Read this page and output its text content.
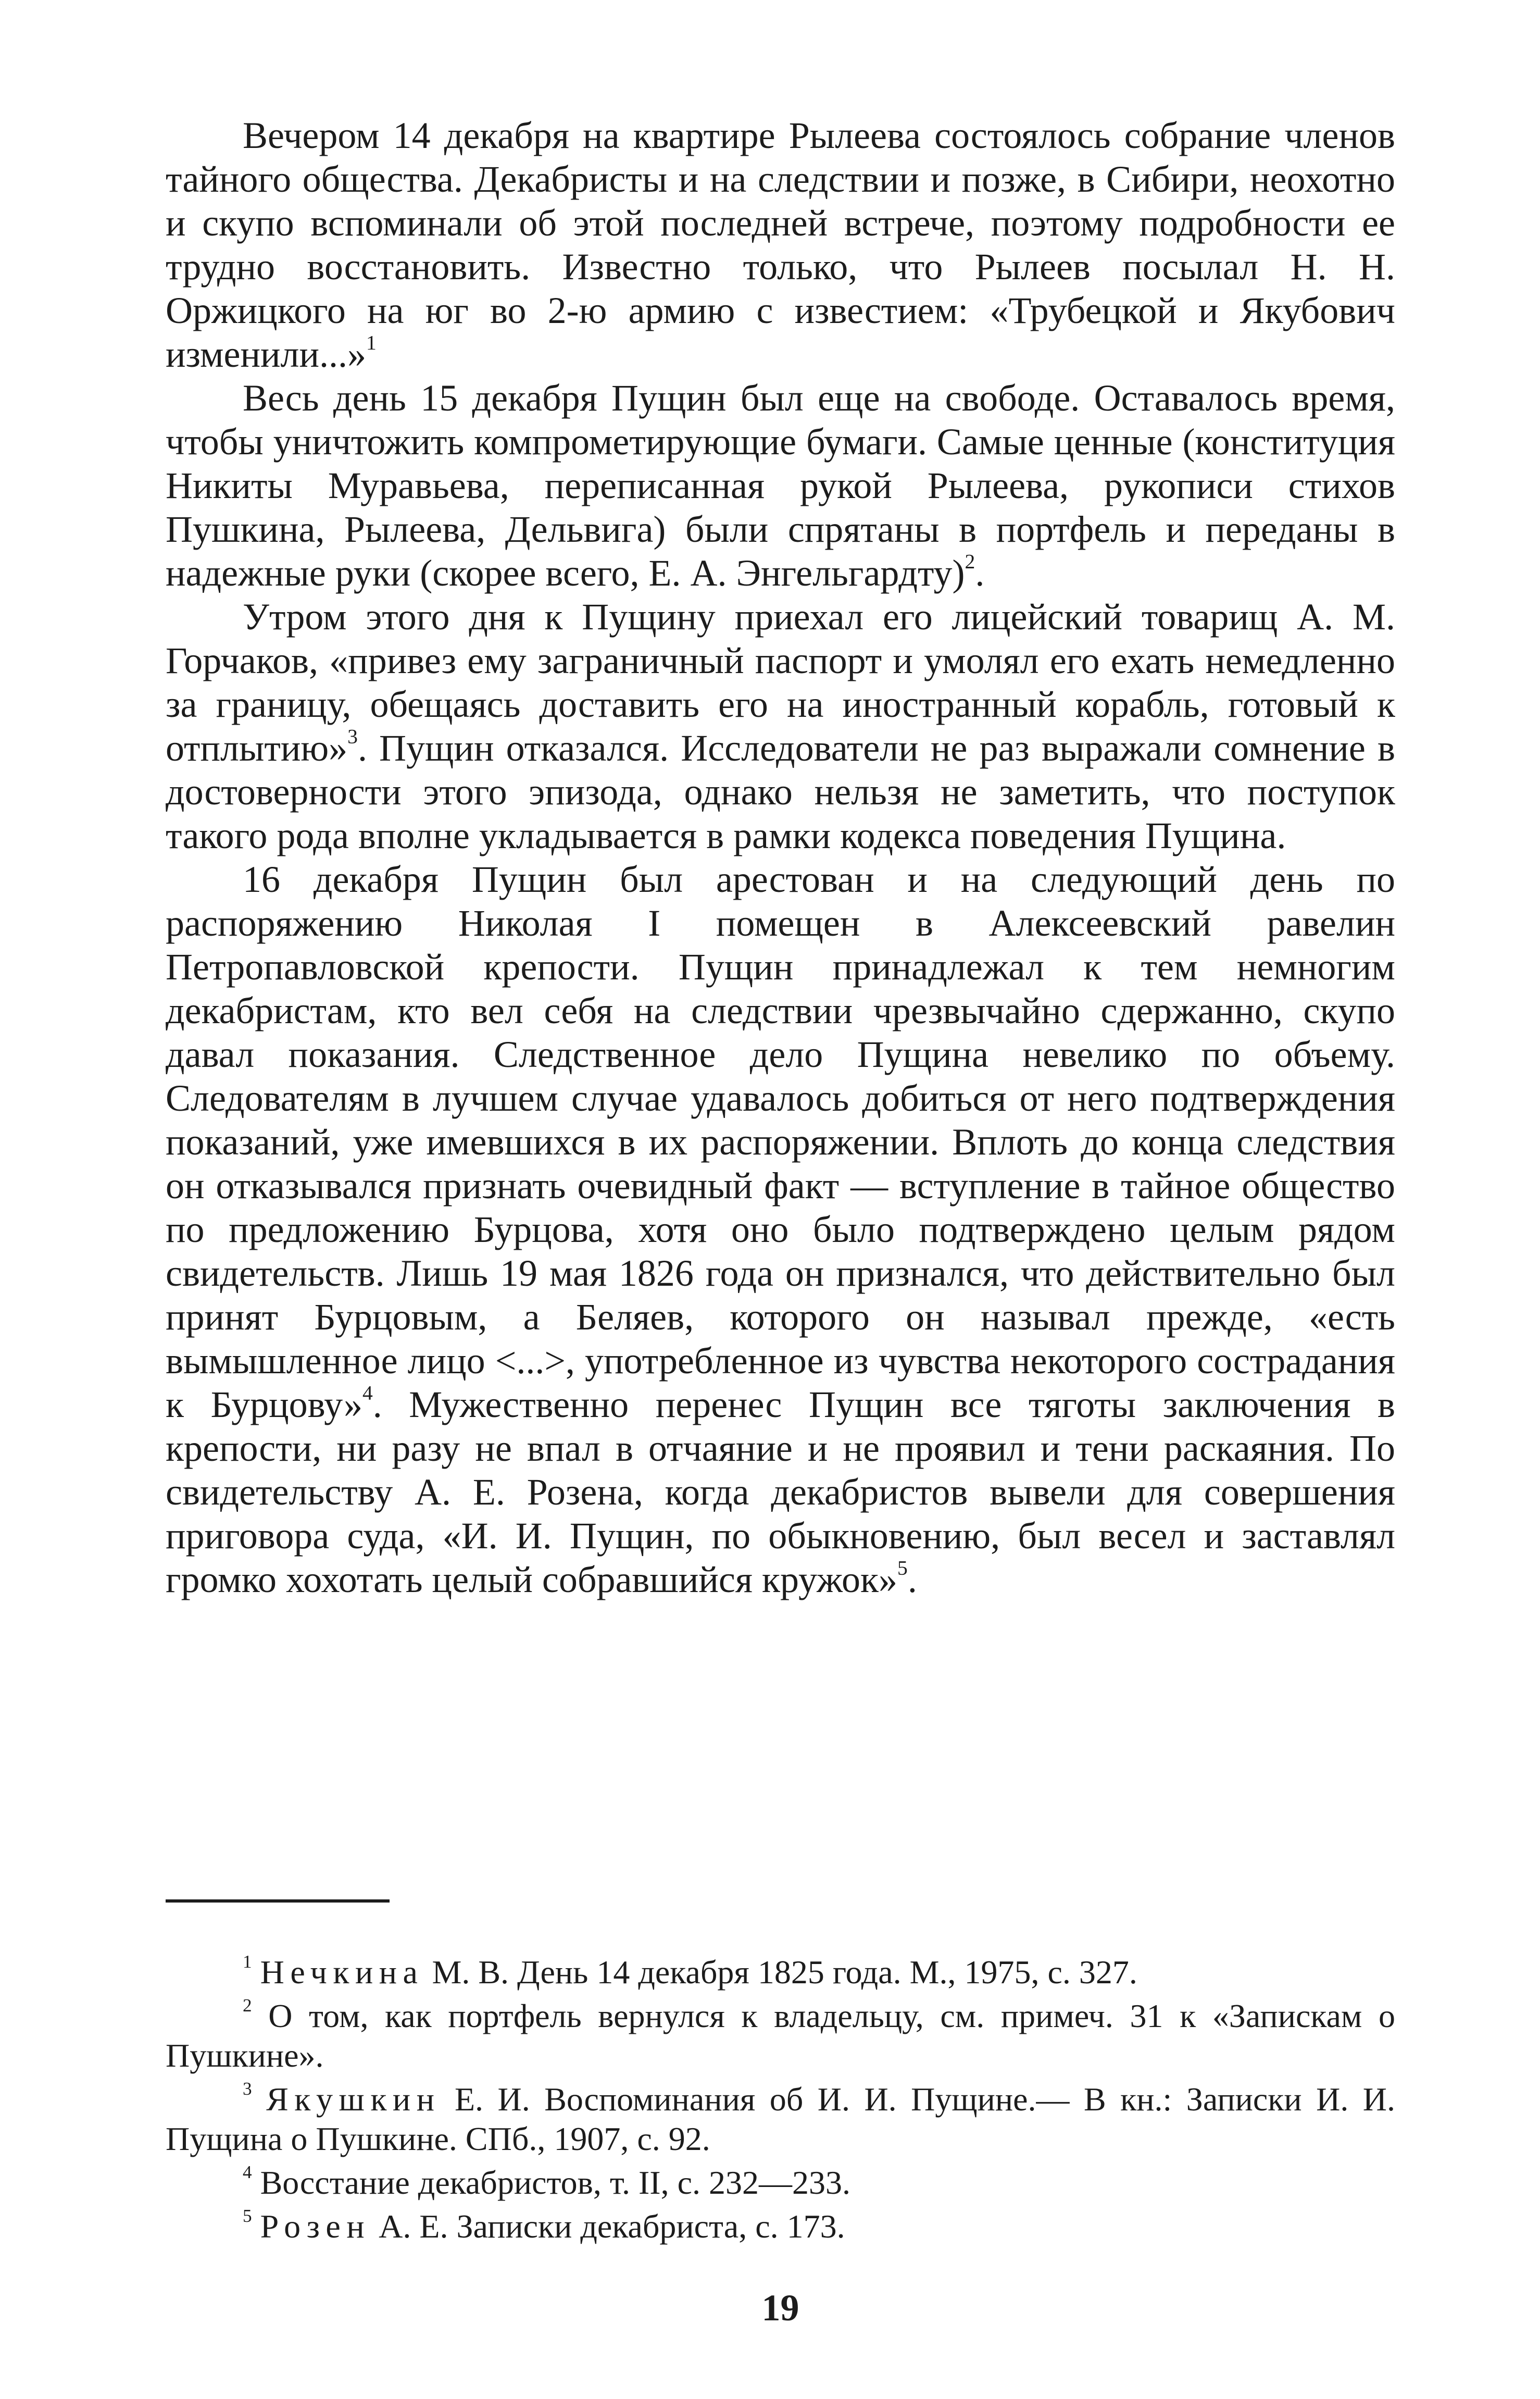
Вечером 14 декабря на квартире Рылеева состоялось собрание членов тайного общества. Декабристы и на следствии и позже, в Сибири, неохотно и скупо вспоминали об этой последней встрече, поэтому подробности ее трудно восстановить. Известно только, что Рылеев посылал Н. Н. Оржицкого на юг во 2-ю армию с известием: «Трубецкой и Якубович изменили...»$^1$

Весь день 15 декабря Пущин был еще на свободе. Оставалось время, чтобы уничтожить компрометирующие бумаги. Самые ценные (конституция Никиты Муравьева, переписанная рукой Рылеева, рукописи стихов Пушкина, Рылеева, Дельвига) были спрятаны в портфель и переданы в надежные руки (скорее всего, Е. А. Энгельгардту)$^2$.

Утром этого дня к Пущину приехал его лицейский товарищ А. М. Горчаков, «привез ему заграничный паспорт и умолял его ехать немедленно за границу, обещаясь доставить его на иностранный корабль, готовый к отплытию»$^3$. Пущин отказался. Исследователи не раз выражали сомнение в достоверности этого эпизода, однако нельзя не заметить, что поступок такого рода вполне укладывается в рамки кодекса поведения Пущина.

16 декабря Пущин был арестован и на следующий день по распоряжению Николая I помещен в Алексеевский равелин Петропавловской крепости. Пущин принадлежал к тем немногим декабристам, кто вел себя на следствии чрезвычайно сдержанно, скупо давал показания. Следственное дело Пущина невелико по объему. Следователям в лучшем случае удавалось добиться от него подтверждения показаний, уже имевшихся в их распоряжении. Вплоть до конца следствия он отказывался признать очевидный факт — вступление в тайное общество по предложению Бурцова, хотя оно было подтверждено целым рядом свидетельств. Лишь 19 мая 1826 года он признался, что действительно был принят Бурцовым, а Беляев, которого он называл прежде, «есть вымышленное лицо <...>, употребленное из чувства некоторого сострадания к Бурцову»$^4$. Мужественно перенес Пущин все тяготы заключения в крепости, ни разу не впал в отчаяние и не проявил и тени раскаяния. По свидетельству А. Е. Розена, когда декабристов вывели для совершения приговора суда, «И. И. Пущин, по обыкновению, был весел и заставлял громко хохотать целый собравшийся кружок»$^5$.

$^1$ Нечкина М. В. День 14 декабря 1825 года. М., 1975, с. 327.

$^2$ О том, как портфель вернулся к владельцу, см. примеч. 31 к «Запискам о Пушкине».

$^3$ Якушкин Е. И. Воспоминания об И. И. Пущине.— В кн.: Записки И. И. Пущина о Пушкине. СПб., 1907, с. 92.

$^4$ Восстание декабристов, т. II, с. 232—233.

$^5$ Розен А. Е. Записки декабриста, с. 173.

19
